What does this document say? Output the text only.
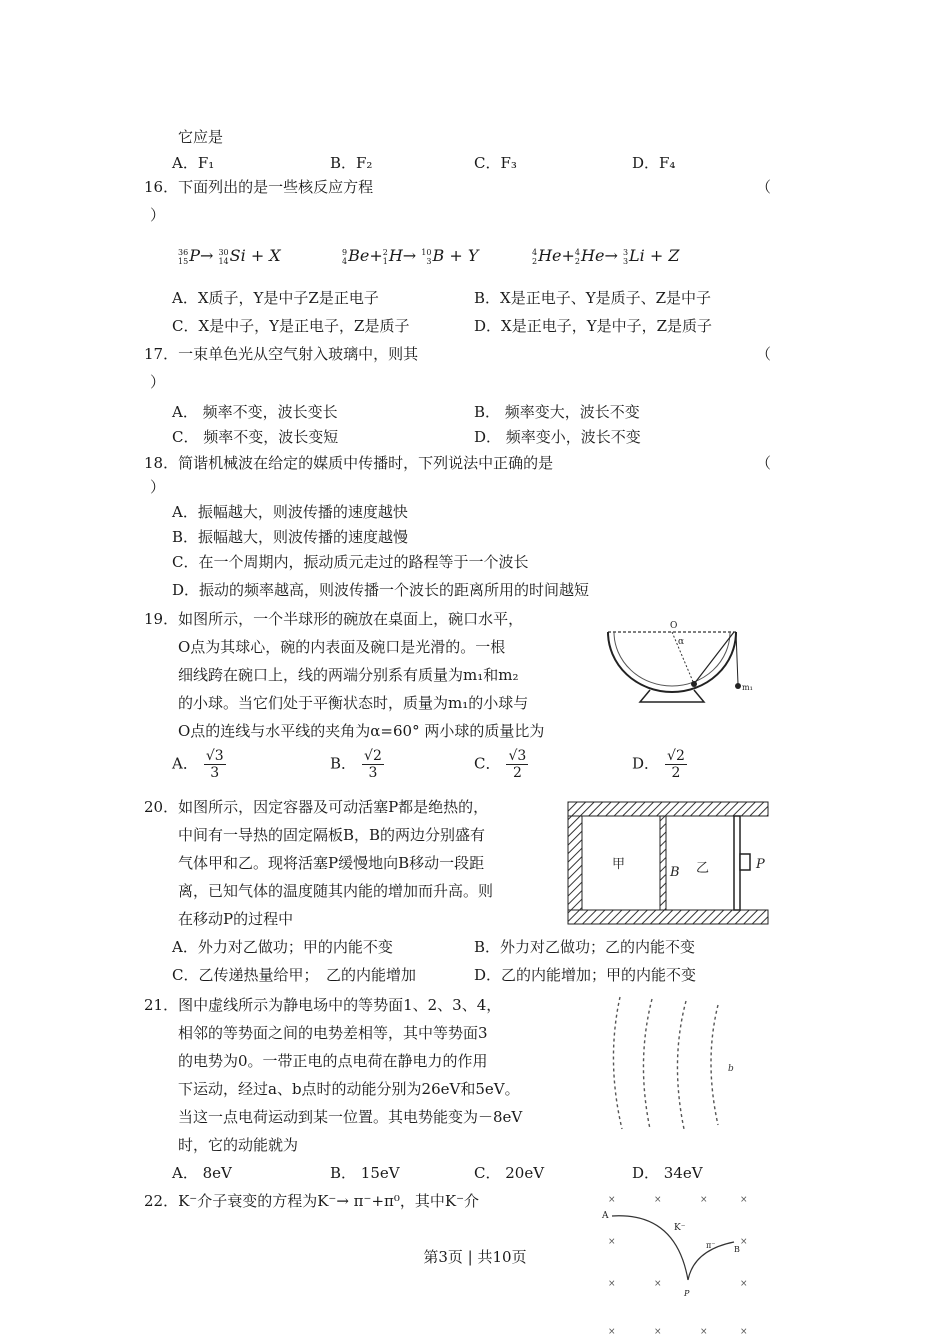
它应是
A．F₁	B．F₂	C．F₃	D．F₄
16．下面列出的是一些核反应方程	（
）
36
15 P→ 30
14 Si + X	9
4 Be+ 2
1 H→ 10
3 B + Y	4
2 He+ 4
2 He→ 3
3 Li + Z
A．X质子，Y是中子Z是正电子	B．X是正电子、Y是质子、Z是中子
C．X是中子，Y是正电子，Z是质子	D．X是正电子，Y是中子，Z是质子
17．一束单色光从空气射入玻璃中，则其	（
）
A． 频率不变，波长变长	B． 频率变大，波长不变
C． 频率不变，波长变短	D． 频率变小，波长不变
18．简谐机械波在给定的媒质中传播时，下列说法中正确的是	（
）
A．振幅越大，则波传播的速度越快
B．振幅越大，则波传播的速度越慢
C．在一个周期内，振动质元走过的路程等于一个波长
D．振动的频率越高，则波传播一个波长的距离所用的时间越短
19．如图所示，一个半球形的碗放在桌面上，碗口水平，
O点为其球心，碗的内表面及碗口是光滑的。一根
细线跨在碗口上，线的两端分别系有质量为m₁和m₂
的小球。当它们处于平衡状态时，质量为m₁的小球与
O点的连线与水平线的夹角为α=60° 两小球的质量比为
A． √ $\frac{3}{3}$	B． √ $\frac{2}{3}$	C． √ $\frac{3}{2}$	D． √ $\frac{2}{2}$
O
α
m₁
20．如图所示，因定容器及可动活塞P都是绝热的，
中间有一导热的固定隔板B，B的两边分别盛有
气体甲和乙。现将活塞P缓慢地向B移动一段距
离，已知气体的温度随其内能的增加而升高。则
在移动P的过程中
A．外力对乙做功；甲的内能不变	B．外力对乙做功；乙的内能不变
C．乙传递热量给甲；　乙的内能增加	D．乙的内能增加；甲的内能不变
甲
B 乙	P
21．图中虚线所示为静电场中的等势面1、2、3、4，
相邻的等势面之间的电势差相等，其中等势面3
的电势为0。一带正电的点电荷在静电力的作用
下运动，经过a、b点时的动能分别为26eV和5eV。
当这一点电荷运动到某一位置。其电势能变为－8eV
时，它的动能就为
A． 8eV	B． 15eV	C． 20eV	D． 34eV
b
22．K⁻介子衰变的方程为K⁻→ π⁻+π⁰，其中K⁻介	×	×	×	×
×	×
×	×	×
×	×	×	×
A
K⁻
π⁻ B
P
第3页 | 共10页
